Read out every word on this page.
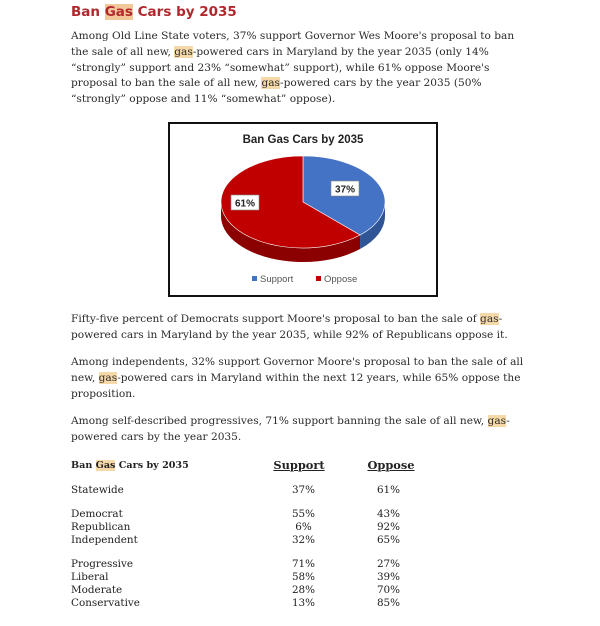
Ban Gas Cars by 2035

Among Old Line State voters, 37% support Governor Wes Moore's proposal to ban the sale of all new, gas-powered cars in Maryland by the year 2035 (only 14% “strongly” support and 23% “somewhat” support), while 61% oppose Moore's proposal to ban the sale of all new, gas-powered cars by the year 2035 (50% “strongly” oppose and 11% “somewhat” oppose).

Ban Gas Cars by 2035
37%
61%
Support	Oppose

Fifty-five percent of Democrats support Moore's proposal to ban the sale of gas-powered cars in Maryland by the year 2035, while 92% of Republicans oppose it.

Among independents, 32% support Governor Moore's proposal to ban the sale of all new, gas-powered cars in Maryland within the next 12 years, while 65% oppose the proposition.

Among self-described progressives, 71% support banning the sale of all new, gas-powered cars by the year 2035.

Ban Gas Cars by 2035	Support	Oppose
Statewide	37%	61%
Democrat	55%	43%
Republican	6%	92%
Independent	32%	65%
Progressive	71%	27%
Liberal	58%	39%
Moderate	28%	70%
Conservative	13%	85%
